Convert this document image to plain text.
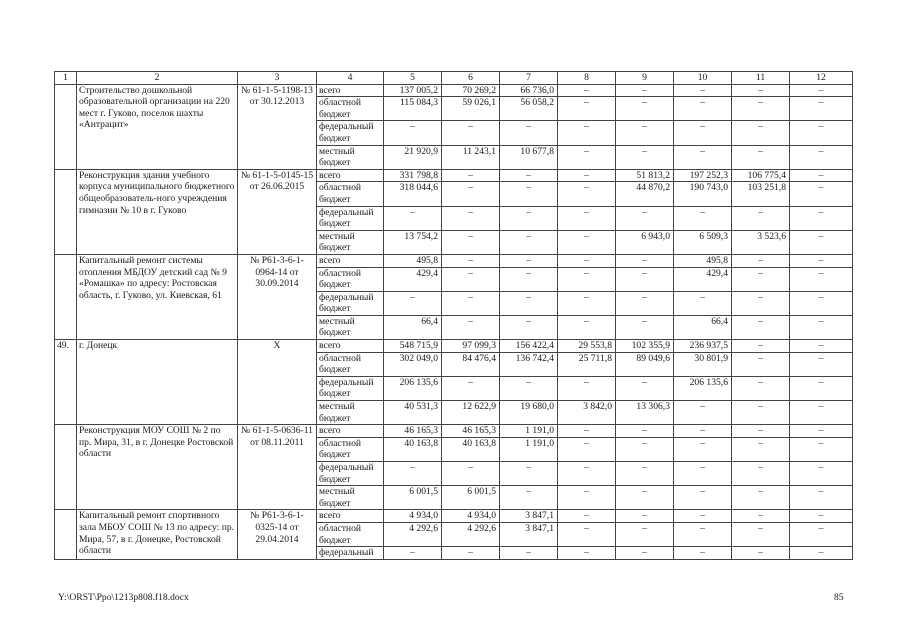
1	2	3	4	5	6	7	8	9	10	11	12
	Строительство дошкольной образовательной организации на 220 мест г. Гуково, поселок шахты «Антрацит»	№ 61-1-5-1198-13 от 30.12.2013	всего	137 005,2	70 269,2	66 736,0	–	–	–	–	–
			областной бюджет	115 084,3	59 026,1	56 058,2	–	–	–	–	–
			федеральный бюджет	–	–	–	–	–	–	–	–
			местный бюджет	21 920,9	11 243,1	10 677,8	–	–	–	–	–
	Реконструкция здания учебного корпуса муниципального бюджетного общеобразователь-ного учреждения гимназии № 10 в г. Гуково	№ 61-1-5-0145-15 от 26.06.2015	всего	331 798,8	–	–	–	51 813,2	197 252,3	106 775,4	–
			областной бюджет	318 044,6	–	–	–	44 870,2	190 743,0	103 251,8	–
			федеральный бюджет	–	–	–	–	–	–	–	–
			местный бюджет	13 754,2	–	–	–	6 943,0	6 509,3	3 523,6	–
	Капитальный ремонт системы отопления МБДОУ детский сад № 9 «Ромашка» по адресу: Ростовская область, г. Гуково, ул. Киевская, 61	№ Р61-3-6-1-0964-14 от 30.09.2014	всего	495,8	–	–	–	–	495,8	–	–
			областной бюджет	429,4	–	–	–	–	429,4	–	–
			федеральный бюджет	–	–	–	–	–	–	–	–
			местный бюджет	66,4	–	–	–	–	66,4	–	–
49.	г. Донецк	Х	всего	548 715,9	97 099,3	156 422,4	29 553,8	102 355,9	236 937,5	–	–
			областной бюджет	302 049,0	84 476,4	136 742,4	25 711,8	89 049,6	30 801,9	–	–
			федеральный бюджет	206 135,6	–	–	–	–	206 135,6	–	–
			местный бюджет	40 531,3	12 622,9	19 680,0	3 842,0	13 306,3	–	–	–
	Реконструкция МОУ СОШ № 2 по пр. Мира, 31, в г. Донецке Ростовской области	№ 61-1-5-0636-11 от 08.11.2011	всего	46 165,3	46 165,3	1 191,0	–	–	–	–	–
			областной бюджет	40 163,8	40 163,8	1 191,0	–	–	–	–	–
			федеральный бюджет	–	–	–	–	–	–	–	–
			местный бюджет	6 001,5	6 001,5	–	–	–	–	–	–
	Капитальный ремонт спортивного зала МБОУ СОШ № 13 по адресу: пр. Мира, 57, в г. Донецке, Ростовской области	№ Р61-3-6-1-0325-14 от 29.04.2014	всего	4 934,0	4 934,0	3 847,1	–	–	–	–	–
			областной бюджет	4 292,6	4 292,6	3 847,1	–	–	–	–	–
			федеральный	–	–	–	–	–	–	–	–
Y:\ORST\Ppo\1213p808.f18.docx	85
